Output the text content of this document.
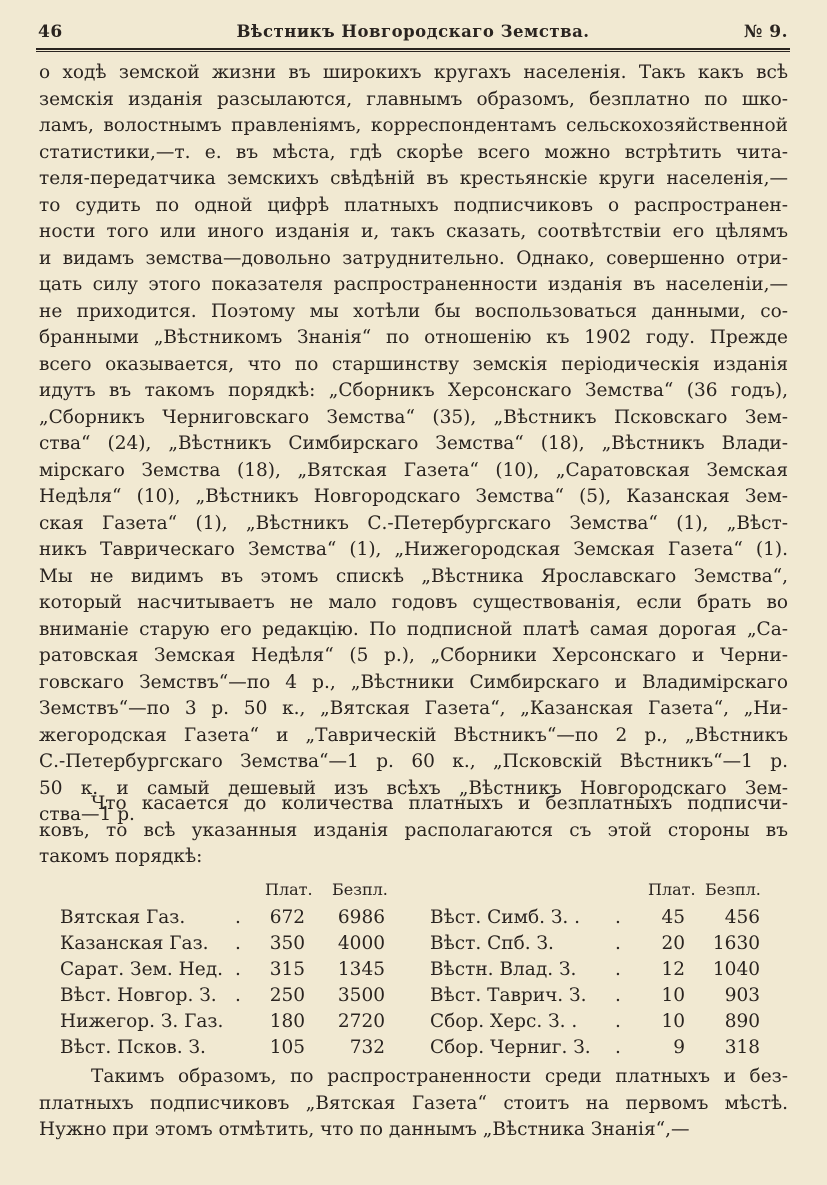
46	Вѣстникъ Новгородскаго Земства.	№ 9.
о ходѣ земской жизни въ широкихъ кругахъ населенія. Такъ какъ всѣ
земскія изданія разсылаются, главнымъ образомъ, безплатно по шко-
ламъ, волостнымъ правленіямъ, корреспондентамъ сельскохозяйственной
статистики,—т. е. въ мѣста, гдѣ скорѣе всего можно встрѣтить чита-
теля-передатчика земскихъ свѣдѣній въ крестьянскіе круги населенія,—
то судить по одной цифрѣ платныхъ подписчиковъ о распространен-
ности того или иного изданія и, такъ сказать, соотвѣтствіи его цѣлямъ
и видамъ земства—довольно затруднительно. Однако, совершенно отри-
цать силу этого показателя распространенности изданія въ населеніи,—
не приходится. Поэтому мы хотѣли бы воспользоваться данными, со-
бранными „Вѣстникомъ Знанія“ по отношенію къ 1902 году. Прежде
всего оказывается, что по старшинству земскія періодическія изданія
идутъ въ такомъ порядкѣ: „Сборникъ Херсонскаго Земства“ (36 годъ),
„Сборникъ Черниговскаго Земства“ (35), „Вѣстникъ Псковскаго Зем-
ства“ (24), „Вѣстникъ Симбирскаго Земства“ (18), „Вѣстникъ Влади-
мірскаго Земства (18), „Вятская Газета“ (10), „Саратовская Земская
Недѣля“ (10), „Вѣстникъ Новгородскаго Земства“ (5), Казанская Зем-
ская Газета“ (1), „Вѣстникъ С.-Петербургскаго Земства“ (1), „Вѣст-
никъ Таврическаго Земства“ (1), „Нижегородская Земская Газета“ (1).
Мы не видимъ въ этомъ спискѣ „Вѣстника Ярославскаго Земства“,
который насчитываетъ не мало годовъ существованія, если брать во
вниманіе старую его редакцію. По подписной платѣ самая дорогая „Са-
ратовская Земская Недѣля“ (5 р.), „Сборники Херсонскаго и Черни-
говскаго Земствъ“—по 4 р., „Вѣстники Симбирскаго и Владимірскаго
Земствъ“—по 3 р. 50 к., „Вятская Газета“, „Казанская Газета“, „Ни-
жегородская Газета“ и „Таврическій Вѣстникъ“—по 2 р., „Вѣстникъ
С.-Петербургскаго Земства“—1 р. 60 к., „Псковскій Вѣстникъ“—1 р.
50 к. и самый дешевый изъ всѣхъ „Вѣстникъ Новгородскаго Зем-
ства—1 р.
Что касается до количества платныхъ и безплатныхъ подписчи-
ковъ, то всѣ указанныя изданія располагаются съ этой стороны въ
такомъ порядкѣ:
Плат. Безпл.
Вятская Газ.	.	672	6986
Казанская Газ. .	350	4000
Сарат. Зем. Нед. .	315	1345
Вѣст. Новгор. З. .	250	3500
Нижегор. З. Газ.	180	2720
Вѣст. Псков. З.	105	732
Плат. Безпл.
Вѣст. Симб. З. . .	45	456
Вѣст. Спб. З.	.	20	1630
Вѣстн. Влад. З. .	12	1040
Вѣст. Таврич. З. .	10	903
Сбор. Херс. З. . .	10	890
Сбор. Черниг. З. .	9	318
Такимъ образомъ, по распространенности среди платныхъ и без-
платныхъ подписчиковъ „Вятская Газета“ стоитъ на первомъ мѣстѣ.
Нужно при этомъ отмѣтить, что по даннымъ „Вѣстника Знанія“,—
